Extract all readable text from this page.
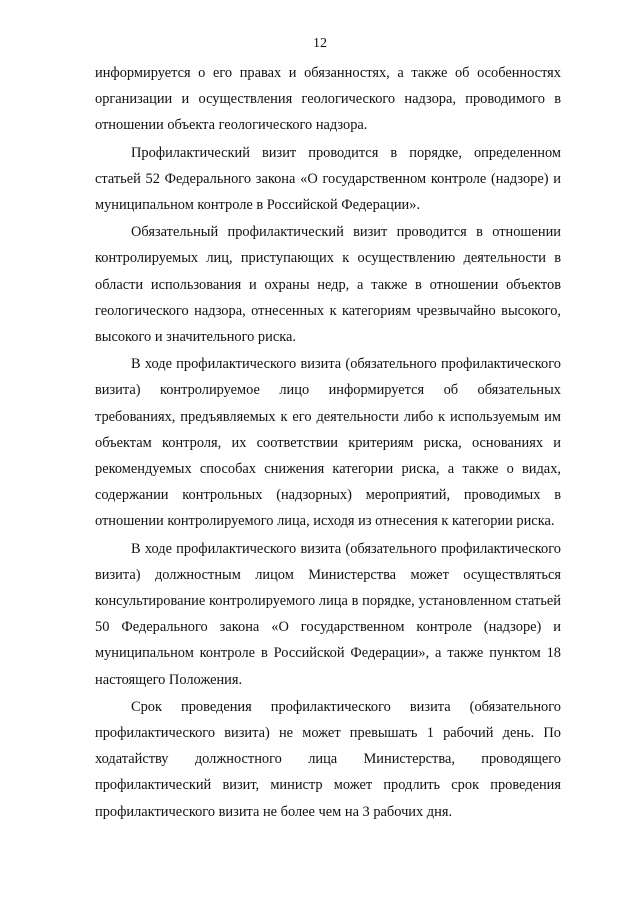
12

информируется о его правах и обязанностях, а также об особенностях организации и осуществления геологического надзора, проводимого в отношении объекта геологического надзора.

Профилактический визит проводится в порядке, определенном статьей 52 Федерального закона «О государственном контроле (надзоре) и муниципальном контроле в Российской Федерации».

Обязательный профилактический визит проводится в отношении контролируемых лиц, приступающих к осуществлению деятельности в области использования и охраны недр, а также в отношении объектов геологического надзора, отнесенных к категориям чрезвычайно высокого, высокого и значительного риска.

В ходе профилактического визита (обязательного профилактического визита) контролируемое лицо информируется об обязательных требованиях, предъявляемых к его деятельности либо к используемым им объектам контроля, их соответствии критериям риска, основаниях и рекомендуемых способах снижения категории риска, а также о видах, содержании контрольных (надзорных) мероприятий, проводимых в отношении контролируемого лица, исходя из отнесения к категории риска.

В ходе профилактического визита (обязательного профилактического визита) должностным лицом Министерства может осуществляться консультирование контролируемого лица в порядке, установленном статьей 50 Федерального закона «О государственном контроле (надзоре) и муниципальном контроле в Российской Федерации», а также пунктом 18 настоящего Положения.

Срок проведения профилактического визита (обязательного профилактического визита) не может превышать 1 рабочий день. По ходатайству должностного лица Министерства, проводящего профилактический визит, министр может продлить срок проведения профилактического визита не более чем на 3 рабочих дня.
